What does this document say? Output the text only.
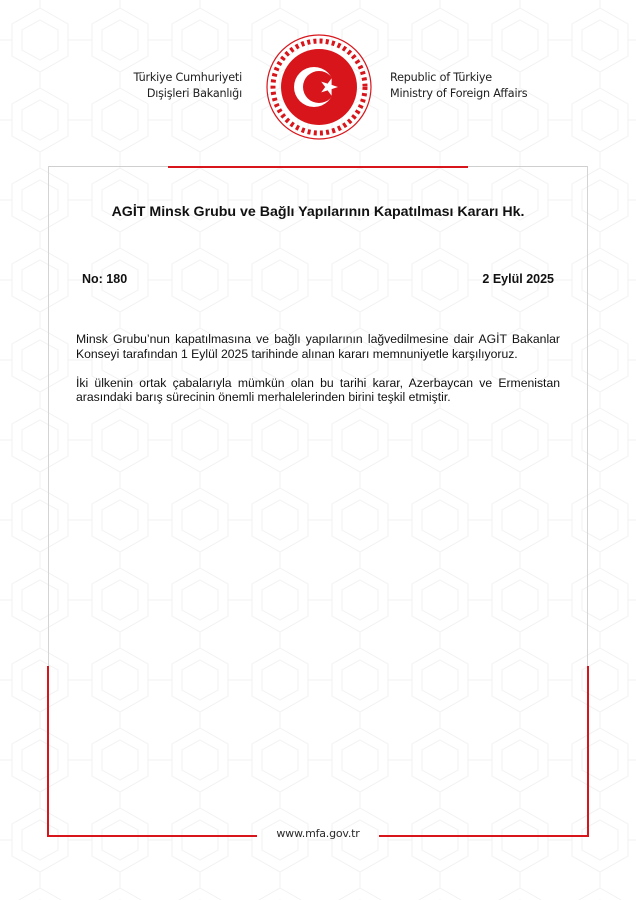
Türkiye Cumhuriyeti
Dışişleri Bakanlığı
Republic of Türkiye
Ministry of Foreign Affairs
AGİT Minsk Grubu ve Bağlı Yapılarının Kapatılması Kararı Hk.
No: 180	2 Eylül 2025

Minsk Grubu’nun kapatılmasına ve bağlı yapılarının lağvedilmesine dair AGİT Bakanlar Konseyi tarafından 1 Eylül 2025 tarihinde alınan kararı memnuniyetle karşılıyoruz.

İki ülkenin ortak çabalarıyla mümkün olan bu tarihi karar, Azerbaycan ve Ermenistan arasındaki barış sürecinin önemli merhalelerinden birini teşkil etmiştir.

www.mfa.gov.tr
